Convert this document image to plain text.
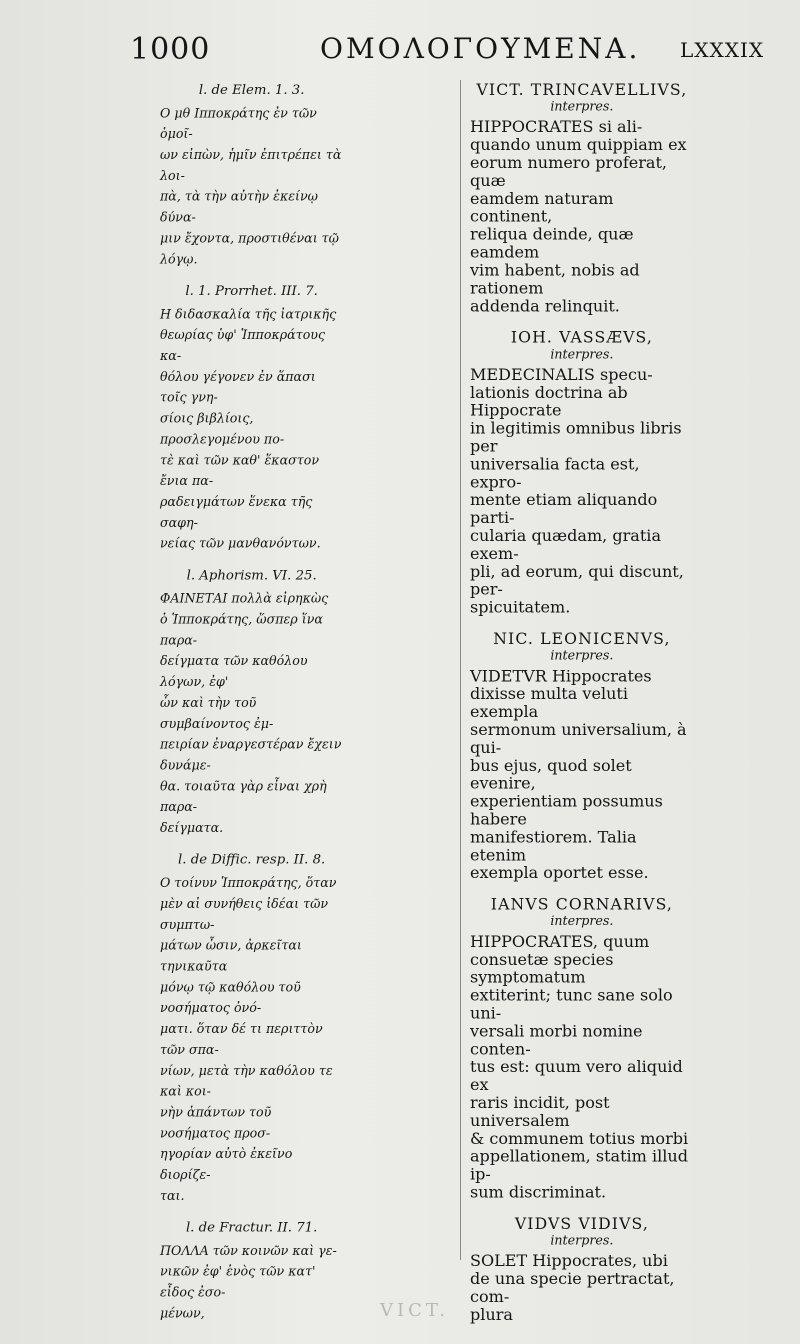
1000	ΟΜΟΛΟΓΟΥΜΕΝΑ. LXXXIX

l. de Elem. 1. 3.

Ο μθ Ιπποκράτης ἐν τῶν ὁμοῖ-
ων εἰπὼν, ἡμῖν ἐπιτρέπει τὰ λοι-
πὰ, τὰ τὴν αὐτὴν ἐκείνῳ δύνα-
μιν ἔχοντα, προστιθέναι τῷ λόγῳ.

l. 1. Prorrhet. III. 7.

Η διδασκαλία τῆς ἰατρικῆς
θεωρίας ὑφ' Ἱπποκράτους κα-
θόλου γέγονεν ἐν ἅπασι τοῖς γνη-
σίοις βιβλίοις, προσλεγομένου πο-
τὲ καὶ τῶν καθ' ἕκαστον ἔνια πα-
ραδειγμάτων ἕνεκα τῆς σαφη-
νείας τῶν μανθανόντων.

l. Aphorism. VI. 25.

ΦΑΙΝΕΤΑΙ πολλὰ εἰρηκὼς
ὁ Ἱπποκράτης, ὥσπερ ἵνα παρα-
δείγματα τῶν καθόλου λόγων, ἐφ'
ὧν καὶ τὴν τοῦ συμβαίνοντος ἐμ-
πειρίαν ἐναργεστέραν ἔχειν δυνάμε-
θα. τοιαῦτα γὰρ εἶναι χρὴ παρα-
δείγματα.

l. de Diffic. resp. II. 8.

Ο τοίνυν Ἱπποκράτης, ὅταν
μὲν αἱ συνήθεις ἰδέαι τῶν συμπτω-
μάτων ὦσιν, ἀρκεῖται τηνικαῦτα
μόνῳ τῷ καθόλου τοῦ νοσήματος ὀνό-
ματι. ὅταν δέ τι περιττὸν τῶν σπα-
νίων, μετὰ τὴν καθόλου τε καὶ κοι-
νὴν ἁπάντων τοῦ νοσήματος προσ-
ηγορίαν αὐτὸ ἐκεῖνο διορίζε-
ται.

l. de Fractur. II. 71.

ΠΟΛΛΑ τῶν κοινῶν καὶ γε-
νικῶν ἐφ' ἑνὸς τῶν κατ' εἶδος ἐσο-
μένων,

VICT. TRINCAVELLIVS,

interpres.

HIPPOCRATES si ali-
quando unum quippiam ex
eorum numero proferat, quæ
eamdem naturam continent,
reliqua deinde, quæ eamdem
vim habent, nobis ad rationem
addenda relinquit.

IOH. VASSÆVS,

interpres.

MEDECINALIS specu-
lationis doctrina ab Hippocrate
in legitimis omnibus libris per
universalia facta est, expro-
mente etiam aliquando parti-
cularia quædam, gratia exem-
pli, ad eorum, qui discunt, per-
spicuitatem.

NIC. LEONICENVS,

interpres.

VIDETVR Hippocrates
dixisse multa veluti exempla
sermonum universalium, à qui-
bus ejus, quod solet evenire,
experientiam possumus habere
manifestiorem. Talia etenim
exempla oportet esse.

IANVS CORNARIVS,

interpres.

HIPPOCRATES, quum
consuetæ species symptomatum
extiterint; tunc sane solo uni-
versali morbi nomine conten-
tus est: quum vero aliquid ex
raris incidit, post universalem
& communem totius morbi
appellationem, statim illud ip-
sum discriminat.

VIDVS VIDIVS,

interpres.

SOLET Hippocrates, ubi
de una specie pertractat, com-
plura
VICT.
